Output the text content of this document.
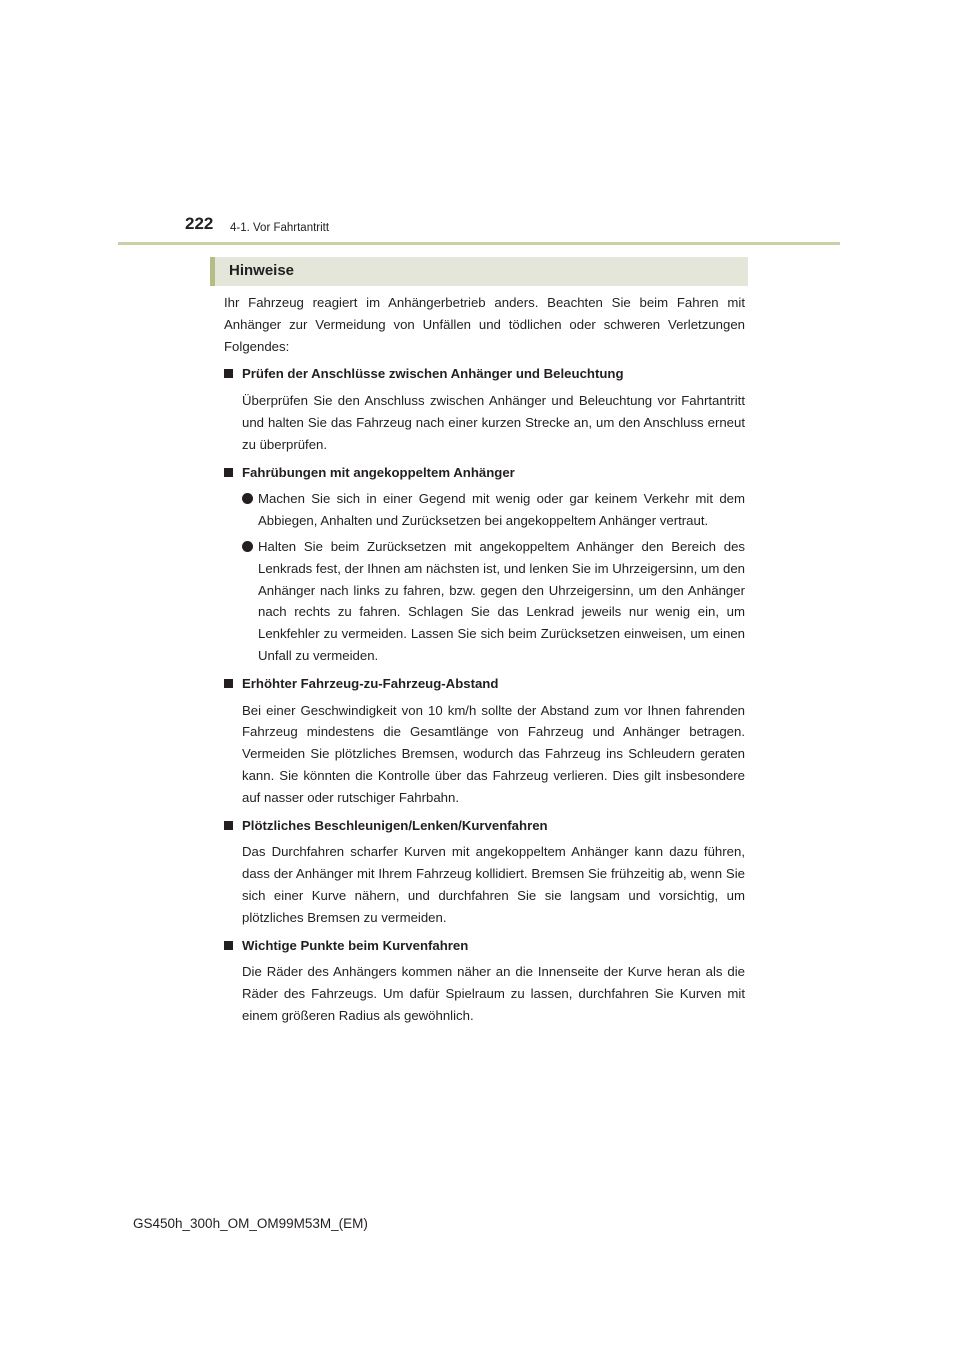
222 4-1. Vor Fahrtantritt
Hinweise

Ihr Fahrzeug reagiert im Anhängerbetrieb anders. Beachten Sie beim Fahren mit Anhänger zur Vermeidung von Unfällen und tödlichen oder schweren Verletzungen Folgendes:

Prüfen der Anschlüsse zwischen Anhänger und Beleuchtung

Überprüfen Sie den Anschluss zwischen Anhänger und Beleuchtung vor Fahrtantritt und halten Sie das Fahrzeug nach einer kurzen Strecke an, um den Anschluss erneut zu überprüfen.

Fahrübungen mit angekoppeltem Anhänger
Machen Sie sich in einer Gegend mit wenig oder gar keinem Verkehr mit dem Abbiegen, Anhalten und Zurücksetzen bei angekoppeltem Anhänger vertraut.
Halten Sie beim Zurücksetzen mit angekoppeltem Anhänger den Bereich des Lenkrads fest, der Ihnen am nächsten ist, und lenken Sie im Uhrzeigersinn, um den Anhänger nach links zu fahren, bzw. gegen den Uhrzeigersinn, um den Anhänger nach rechts zu fahren. Schlagen Sie das Lenkrad jeweils nur wenig ein, um Lenkfehler zu vermeiden. Lassen Sie sich beim Zurücksetzen einweisen, um einen Unfall zu vermeiden.
Erhöhter Fahrzeug-zu-Fahrzeug-Abstand

Bei einer Geschwindigkeit von 10 km/h sollte der Abstand zum vor Ihnen fahrenden Fahrzeug mindestens die Gesamtlänge von Fahrzeug und Anhänger betragen. Vermeiden Sie plötzliches Bremsen, wodurch das Fahrzeug ins Schleudern geraten kann. Sie könnten die Kontrolle über das Fahrzeug verlieren. Dies gilt insbesondere auf nasser oder rutschiger Fahrbahn.

Plötzliches Beschleunigen/Lenken/Kurvenfahren

Das Durchfahren scharfer Kurven mit angekoppeltem Anhänger kann dazu führen, dass der Anhänger mit Ihrem Fahrzeug kollidiert. Bremsen Sie frühzeitig ab, wenn Sie sich einer Kurve nähern, und durchfahren Sie sie langsam und vorsichtig, um plötzliches Bremsen zu vermeiden.

Wichtige Punkte beim Kurvenfahren

Die Räder des Anhängers kommen näher an die Innenseite der Kurve heran als die Räder des Fahrzeugs. Um dafür Spielraum zu lassen, durchfahren Sie Kurven mit einem größeren Radius als gewöhnlich.

GS450h_300h_OM_OM99M53M_(EM)
